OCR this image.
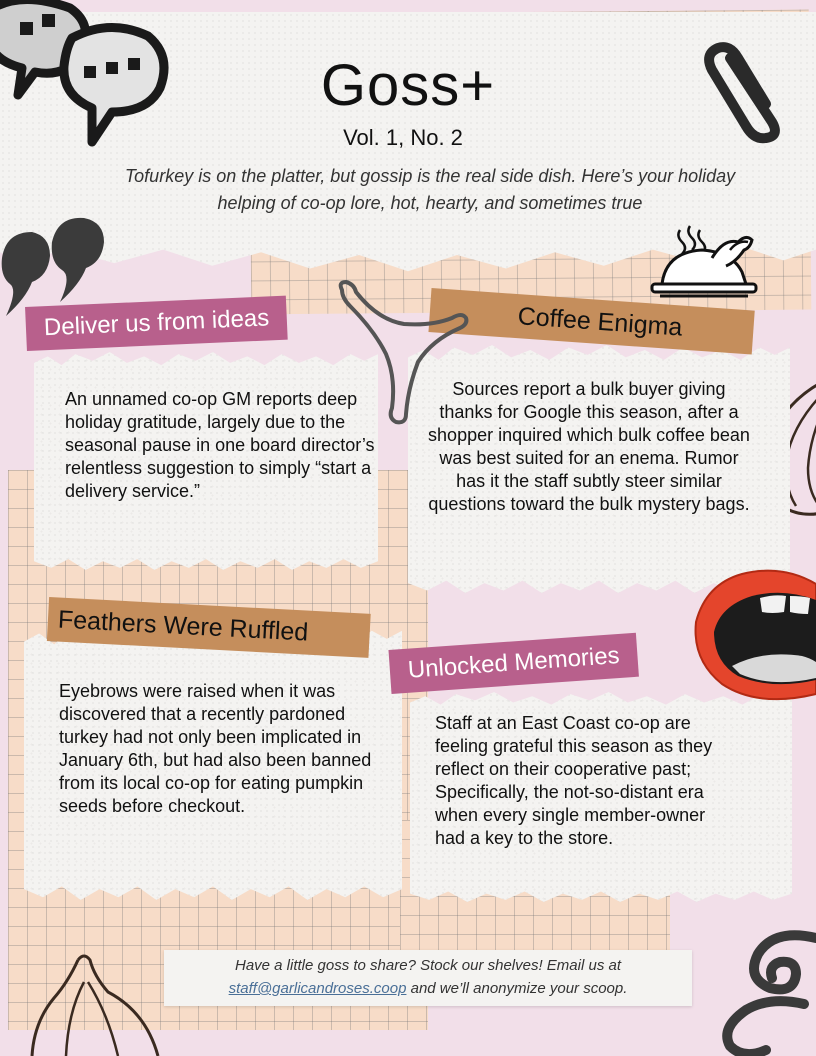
Goss+
Vol. 1, No. 2
Tofurkey is on the platter, but gossip is the real side dish. Here’s your holiday helping of co-op lore, hot, hearty, and sometimes true
Deliver us from ideas
An unnamed co-op GM reports deep holiday gratitude, largely due to the seasonal pause in one board director’s relentless suggestion to simply “start a delivery service.”
Coffee Enigma
Sources report a bulk buyer giving thanks for Google this season, after a shopper inquired which bulk coffee bean was best suited for an enema. Rumor has it the staff subtly steer similar questions toward the bulk mystery bags.
Feathers Were Ruffled
Eyebrows were raised when it was discovered that a recently pardoned turkey had not only been implicated in January 6th, but had also been banned from its local co-op for eating pumpkin seeds before checkout.
Unlocked Memories
Staff at an East Coast co-op are feeling grateful this season as they reflect on their cooperative past; Specifically, the not-so-distant era when every single member-owner had a key to the store.
Have a little goss to share? Stock our shelves! Email us at
staff@garlicandroses.coop and we’ll anonymize your scoop.
